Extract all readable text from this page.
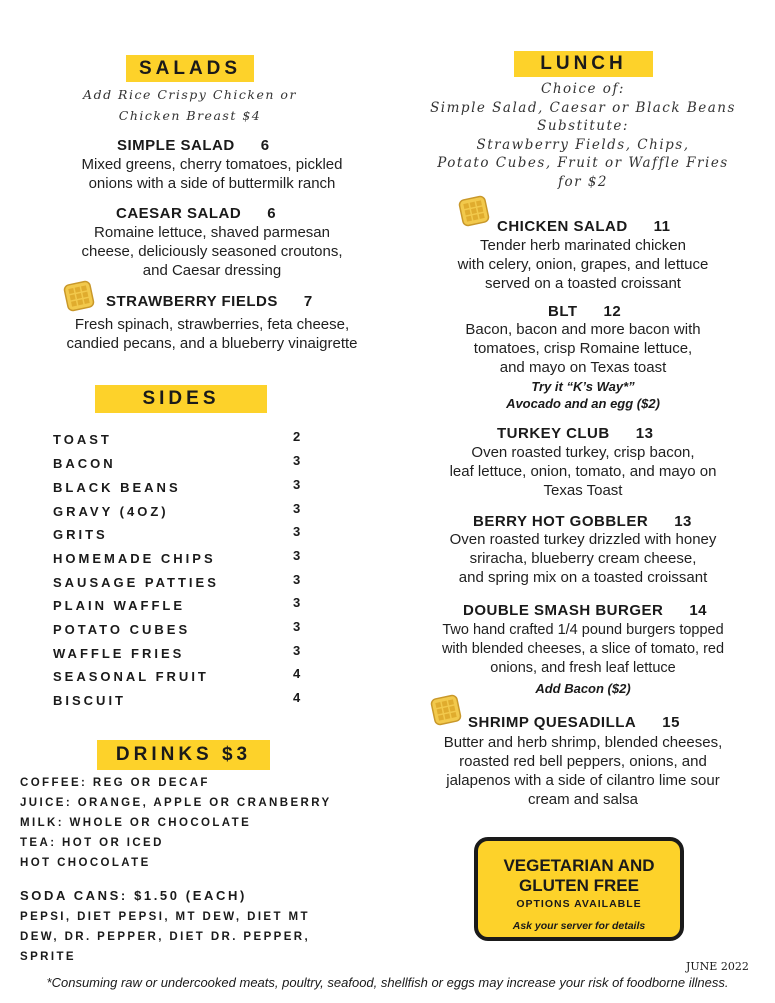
SALADS
Add Rice Crispy Chicken or
Chicken Breast $4
SIMPLE SALAD 6
Mixed greens, cherry tomatoes, pickled
onions with a side of buttermilk ranch
CAESAR SALAD 6
Romaine lettuce, shaved parmesan
cheese, deliciously seasoned croutons,
and Caesar dressing
STRAWBERRY FIELDS 7
Fresh spinach, strawberries, feta cheese,
candied pecans, and a blueberry vinaigrette
SIDES
TOAST	2
BACON	3
BLACK BEANS	3
GRAVY (4OZ)	3
GRITS	3
HOMEMADE CHIPS	3
SAUSAGE PATTIES	3
PLAIN WAFFLE	3
POTATO CUBES	3
WAFFLE FRIES	3
SEASONAL FRUIT	4
BISCUIT	4
DRINKS $3
COFFEE: REG OR DECAF
JUICE: ORANGE, APPLE OR CRANBERRY
MILK: WHOLE OR CHOCOLATE
TEA: HOT OR ICED
HOT CHOCOLATE
SODA CANS: $1.50 (EACH)
PEPSI, DIET PEPSI, MT DEW, DIET MT
DEW, DR. PEPPER, DIET DR. PEPPER,
SPRITE
LUNCH
Choice of:
Simple Salad, Caesar or Black Beans
Substitute:
Strawberry Fields, Chips,
Potato Cubes, Fruit or Waffle Fries
for $2
CHICKEN SALAD 11
Tender herb marinated chicken
with celery, onion, grapes, and lettuce
served on a toasted croissant
BLT 12
Bacon, bacon and more bacon with
tomatoes, crisp Romaine lettuce,
and mayo on Texas toast
Try it “K’s Way*”
Avocado and an egg ($2)
TURKEY CLUB 13
Oven roasted turkey, crisp bacon,
leaf lettuce, onion, tomato, and mayo on
Texas Toast
BERRY HOT GOBBLER 13
Oven roasted turkey drizzled with honey
sriracha, blueberry cream cheese,
and spring mix on a toasted croissant
DOUBLE SMASH BURGER 14
Two hand crafted 1/4 pound burgers topped
with blended cheeses, a slice of tomato, red
onions, and fresh leaf lettuce
Add Bacon ($2)
SHRIMP QUESADILLA 15
Butter and herb shrimp, blended cheeses,
roasted red bell peppers, onions, and
jalapenos with a side of cilantro lime sour
cream and salsa
VEGETARIAN AND
GLUTEN FREE
OPTIONS AVAILABLE
Ask your server for details
JUNE 2022
*Consuming raw or undercooked meats, poultry, seafood, shellfish or eggs may increase your risk of foodborne illness.
